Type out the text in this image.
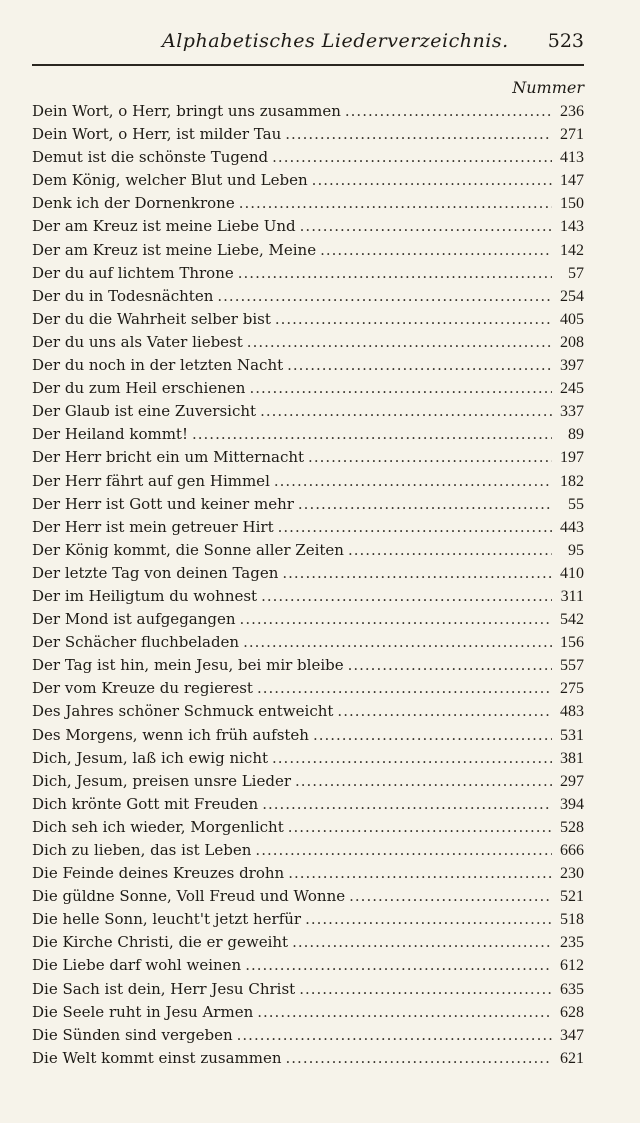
Alphabetisches Liederverzeichnis. 523
Nummer
Dein Wort, o Herr, bringt uns zusammen .....	236
Dein Wort, o Herr, ist milder Tau .....	271
Demut ist die schönste Tugend .....	413
Dem König, welcher Blut und Leben .....	147
Denk ich der Dornenkrone .....	150
Der am Kreuz ist meine Liebe Und .....	143
Der am Kreuz ist meine Liebe, Meine .....	142
Der du auf lichtem Throne .....	57
Der du in Todesnächten .....	254
Der du die Wahrheit selber bist .....	405
Der du uns als Vater liebest .....	208
Der du noch in der letzten Nacht .....	397
Der du zum Heil erschienen .....	245
Der Glaub ist eine Zuversicht .....	337
Der Heiland kommt! .....	89
Der Herr bricht ein um Mitternacht .....	197
Der Herr fährt auf gen Himmel .....	182
Der Herr ist Gott und keiner mehr .....	55
Der Herr ist mein getreuer Hirt .....	443
Der König kommt, die Sonne aller Zeiten .....	95
Der letzte Tag von deinen Tagen .....	410
Der im Heiligtum du wohnest .....	311
Der Mond ist aufgegangen .....	542
Der Schächer fluchbeladen .....	156
Der Tag ist hin, mein Jesu, bei mir bleibe .....	557
Der vom Kreuze du regierest .....	275
Des Jahres schöner Schmuck entweicht .....	483
Des Morgens, wenn ich früh aufsteh .....	531
Dich, Jesum, laß ich ewig nicht .....	381
Dich, Jesum, preisen unsre Lieder .....	297
Dich krönte Gott mit Freuden .....	394
Dich seh ich wieder, Morgenlicht .....	528
Dich zu lieben, das ist Leben .....	666
Die Feinde deines Kreuzes drohn .....	230
Die güldne Sonne, Voll Freud und Wonne .....	521
Die helle Sonn, leucht't jetzt herfür .....	518
Die Kirche Christi, die er geweiht .....	235
Die Liebe darf wohl weinen .....	612
Die Sach ist dein, Herr Jesu Christ .....	635
Die Seele ruht in Jesu Armen .....	628
Die Sünden sind vergeben .....	347
Die Welt kommt einst zusammen .....	621
